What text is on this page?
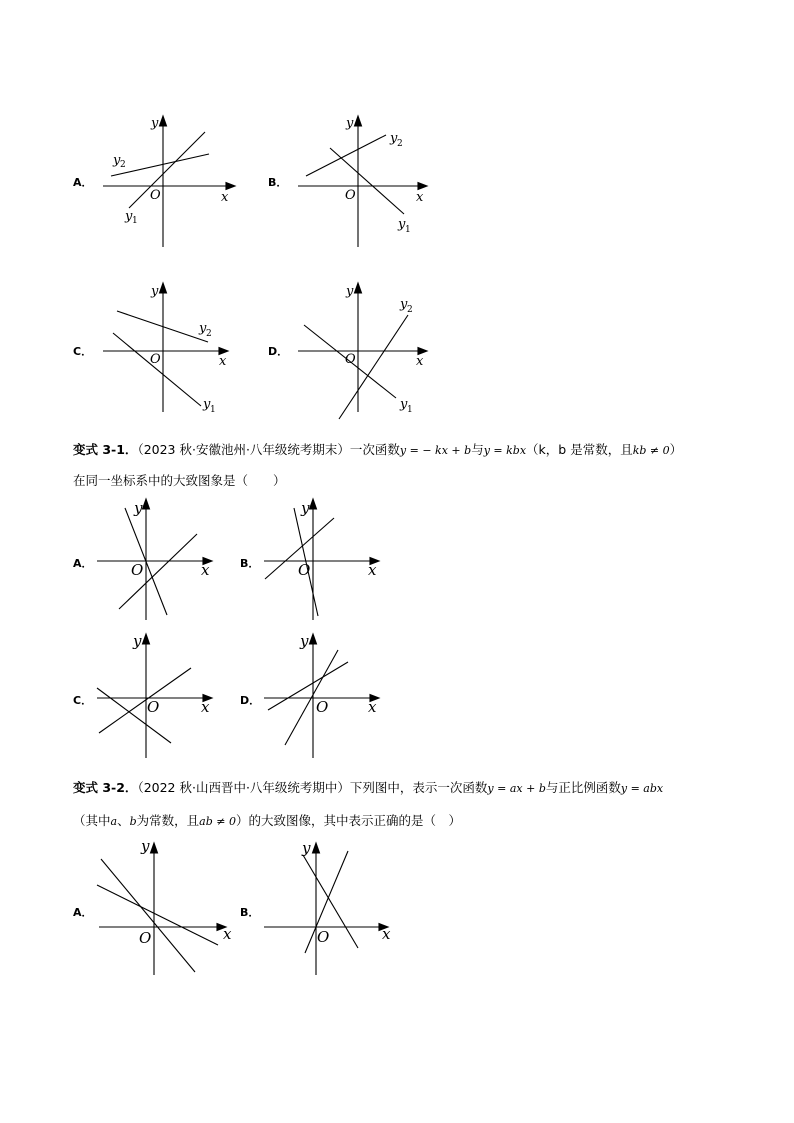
A．
y
x
O
y 2
y 1
B．
y
x
O
y 2
y 1
C．
y
x
O
y 2
y 1
D．
y
x
O
y 2
y 1
变式 3-1．（2023 秋·安徽池州·八年级统考期末）一次函数y = − kx + b与y = kbx（k，b 是常数，且kb ≠ 0）
在同一坐标系中的大致图象是（　　）
A．
y
x
O	B．
y
x
O
C．
y
x
O	D．
y
x
O
变式 3-2．（2022 秋·山西晋中·八年级统考期中）下列图中，表示一次函数y = ax + b与正比例函数y = abx
（其中a、b为常数，且ab ≠ 0）的大致图像，其中表示正确的是（　）
A．
y
x
O
B．
y
x
O
